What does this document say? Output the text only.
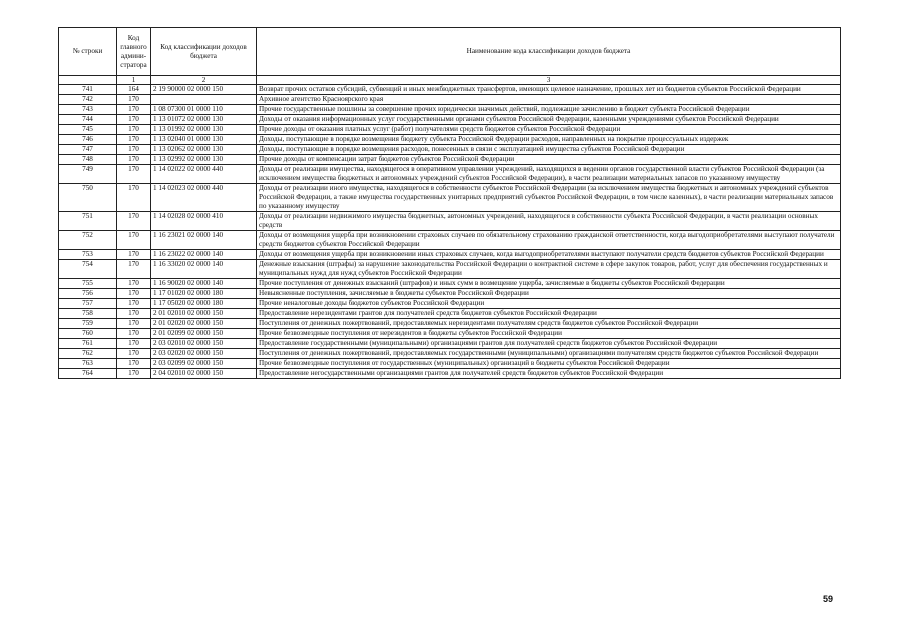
№ строки	Код главного админи- стратора	Код классификации доходов бюджета	Наименование кода классификации доходов бюджета
	1	2	3
741	164	2 19 90000 02 0000 150	Возврат прочих остатков субсидий, субвенций и иных межбюджетных трансфертов, имеющих целевое назначение, прошлых лет из бюджетов субъектов Российской Федерации
742	170		Архивное агентство Красноярского края
743	170	1 08 07300 01 0000 110	Прочие государственные пошлины за совершение прочих юридически значимых действий, подлежащие зачислению в бюджет субъекта Российской Федерации
744	170	1 13 01072 02 0000 130	Доходы от оказания информационных услуг государственными органами субъектов Российской Федерации, казенными учреждениями субъектов Российской Федерации
745	170	1 13 01992 02 0000 130	Прочие доходы от оказания платных услуг (работ) получателями средств бюджетов субъектов Российской Федерации
746	170	1 13 02040 01 0000 130	Доходы, поступающие в порядке возмещения бюджету субъекта Российской Федерации расходов, направленных на покрытие процессуальных издержек
747	170	1 13 02062 02 0000 130	Доходы, поступающие в порядке возмещения расходов, понесенных в связи с эксплуатацией имущества субъектов Российской Федерации
748	170	1 13 02992 02 0000 130	Прочие доходы от компенсации затрат бюджетов субъектов Российской Федерации
749	170	1 14 02022 02 0000 440	Доходы от реализации имущества, находящегося в оперативном управлении учреждений, находящихся в ведении органов государственной власти субъектов Российской Федерации (за исключением имущества бюджетных и автономных учреждений субъектов Российской Федерации), в части реализации материальных запасов по указанному имуществу
750	170	1 14 02023 02 0000 440	Доходы от реализации иного имущества, находящегося в собственности субъектов Российской Федерации (за исключением имущества бюджетных и автономных учреждений субъектов Российской Федерации, а также имущества государственных унитарных предприятий субъектов Российской Федерации, в том числе казенных), в части реализации материальных запасов по указанному имуществу
751	170	1 14 02028 02 0000 410	Доходы от реализации недвижимого имущества бюджетных, автономных учреждений, находящегося в собственности субъекта Российской Федерации, в части реализации основных средств
752	170	1 16 23021 02 0000 140	Доходы от возмещения ущерба при возникновении страховых случаев по обязательному страхованию гражданской ответственности, когда выгодоприобретателями выступают получатели средств бюджетов субъектов Российской Федерации
753	170	1 16 23022 02 0000 140	Доходы от возмещения ущерба при возникновении иных страховых случаев, когда выгодоприобретателями выступают получатели средств бюджетов субъектов Российской Федерации
754	170	1 16 33020 02 0000 140	Денежные взыскания (штрафы) за нарушение законодательства Российской Федерации о контрактной системе в сфере закупок товаров, работ, услуг для обеспечения государственных и муниципальных нужд для нужд субъектов Российской Федерации
755	170	1 16 90020 02 0000 140	Прочие поступления от денежных взысканий (штрафов) и иных сумм в возмещение ущерба, зачисляемые в бюджеты субъектов Российской Федерации
756	170	1 17 01020 02 0000 180	Невыясненные поступления, зачисляемые в бюджеты субъектов Российской Федерации
757	170	1 17 05020 02 0000 180	Прочие неналоговые доходы бюджетов субъектов Российской Федерации
758	170	2 01 02010 02 0000 150	Предоставление нерезидентами грантов для получателей средств бюджетов субъектов Российской Федерации
759	170	2 01 02020 02 0000 150	Поступления от денежных пожертвований, предоставляемых нерезидентами получателям средств бюджетов субъектов Российской Федерации
760	170	2 01 02099 02 0000 150	Прочие безвозмездные поступления от нерезидентов в бюджеты субъектов Российской Федерации
761	170	2 03 02010 02 0000 150	Предоставление государственными (муниципальными) организациями грантов для получателей средств бюджетов субъектов Российской Федерации
762	170	2 03 02020 02 0000 150	Поступления от денежных пожертвований, предоставляемых государственными (муниципальными) организациями получателям средств бюджетов субъектов Российской Федерации
763	170	2 03 02099 02 0000 150	Прочие безвозмездные поступления от государственных (муниципальных) организаций в бюджеты субъектов Российской Федерации
764	170	2 04 02010 02 0000 150	Предоставление негосударственными организациями грантов для получателей средств бюджетов субъектов Российской Федерации
59
